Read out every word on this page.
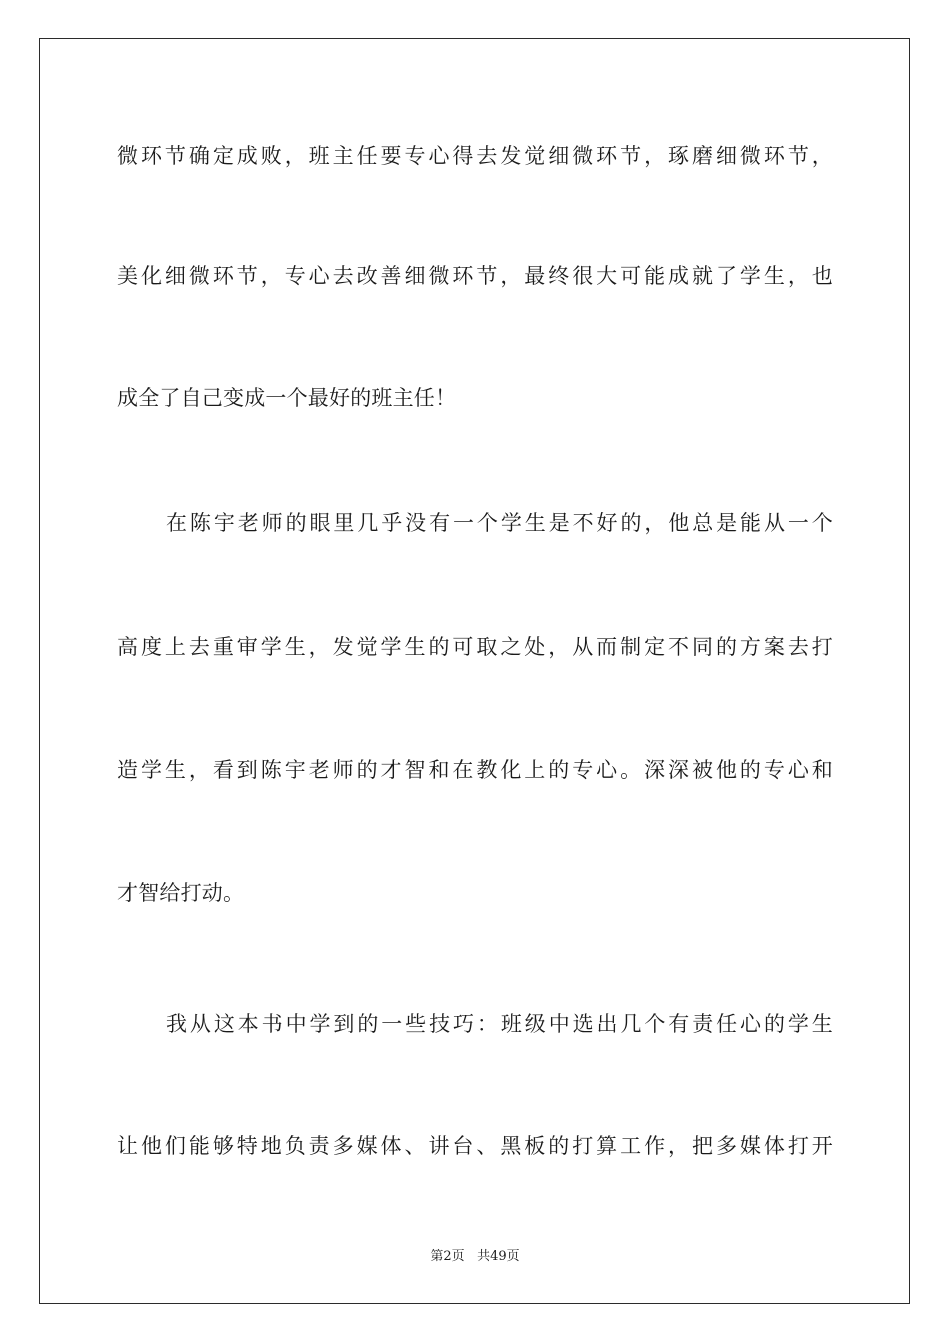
微环节确定成败，班主任要专心得去发觉细微环节，琢磨细微环节，
美化细微环节，专心去改善细微环节，最终很大可能成就了学生，也
成全了自己变成一个最好的班主任！
在陈宇老师的眼里几乎没有一个学生是不好的，他总是能从一个
高度上去重审学生，发觉学生的可取之处，从而制定不同的方案去打
造学生，看到陈宇老师的才智和在教化上的专心。深深被他的专心和
才智给打动。
我从这本书中学到的一些技巧：班级中选出几个有责任心的学生
让他们能够特地负责多媒体、讲台、黑板的打算工作，把多媒体打开
第2页 共49页
